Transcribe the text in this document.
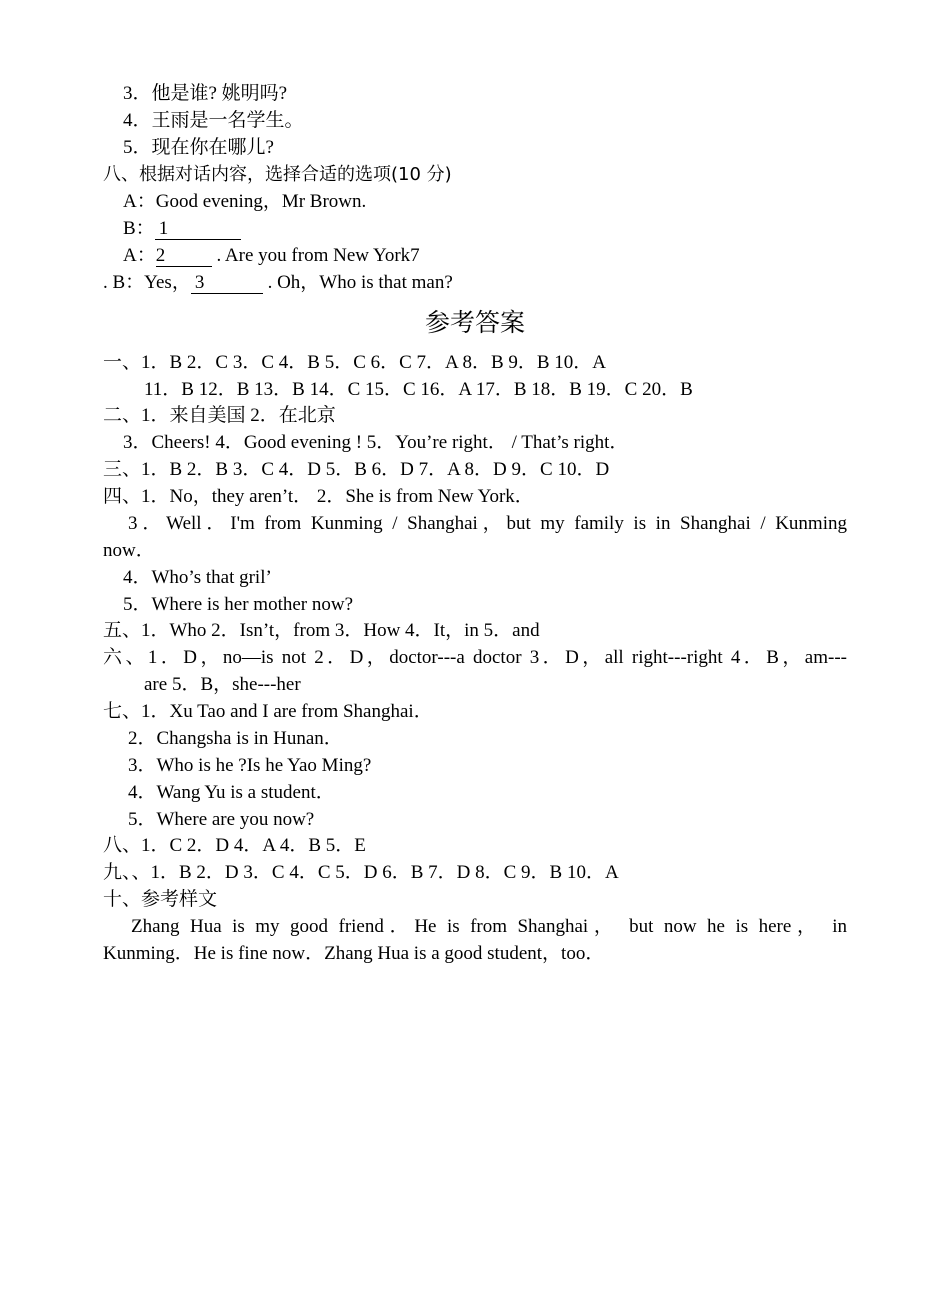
3．他是谁? 姚明吗?
4．王雨是一名学生。
5．现在你在哪儿?
八、根据对话内容，选择合适的选项(10 分)
A：Good evening，Mr Brown.
B： 1
A：2	. Are you from New York7
. B：Yes， 3	. Oh，Who is that man?
参考答案
一、1．B 2．C 3．C 4．B 5．C 6．C 7．A 8．B 9．B 10．A
11．B 12．B 13．B 14．C 15．C 16．A 17．B 18．B 19．C 20．B
二、1．来自美国 2．在北京
3．Cheers! 4．Good evening ! 5．You’re right． / That’s right．
三、1．B 2．B 3．C 4．D 5．B 6．D 7．A 8．D 9．C 10．D
四、1．No，they aren’t． 2．She is from New York．
3．Well．I'm from Kunming / Shanghai，but my family is in Shanghai / Kunming
now．
4．Who’s that gril’
5．Where is her mother now?
五、1．Who 2．Isn’t，from 3．How 4．It，in 5．and
六、1．D，no—is not 2．D，doctor---a doctor 3．D，all right---right 4．B，am---
are 5．B，she---her
七、1．Xu Tao and I are from Shanghai．
2．Changsha is in Hunan．
3．Who is he ?Is he Yao Ming?
4．Wang Yu is a student．
5．Where are you now?
八、1．C 2．D 4．A 4．B 5．E
九、、1．B 2．D 3．C 4．C 5．D 6．B 7．D 8．C 9．B 10．A
十、参考样文
Zhang Hua is my good friend．He is from Shanghai， but now he is here， in
Kunming．He is fine now．Zhang Hua is a good student，too．
